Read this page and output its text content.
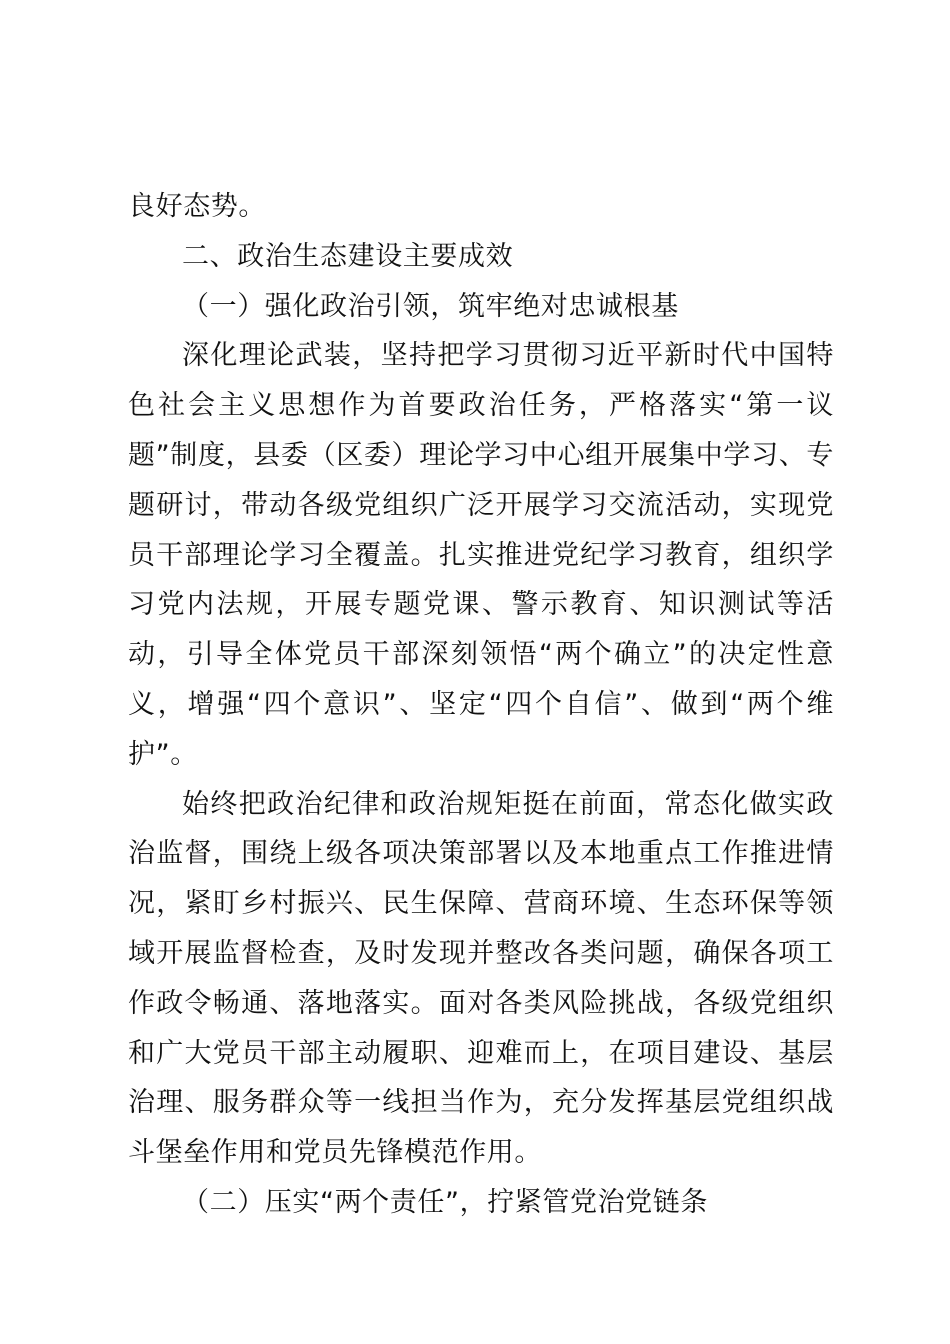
良好态势。

二、政治生态建设主要成效

（一）强化政治引领，筑牢绝对忠诚根基

深化理论武装，坚持把学习贯彻习近平新时代中国特色社会主义思想作为首要政治任务，严格落实“第一议题”制度，县委（区委）理论学习中心组开展集中学习、专题研讨，带动各级党组织广泛开展学习交流活动，实现党员干部理论学习全覆盖。扎实推进党纪学习教育，组织学习党内法规，开展专题党课、警示教育、知识测试等活动，引导全体党员干部深刻领悟“两个确立”的决定性意义，增强“四个意识”、坚定“四个自信”、做到“两个维护”。

始终把政治纪律和政治规矩挺在前面，常态化做实政治监督，围绕上级各项决策部署以及本地重点工作推进情况，紧盯乡村振兴、民生保障、营商环境、生态环保等领域开展监督检查，及时发现并整改各类问题，确保各项工作政令畅通、落地落实。面对各类风险挑战，各级党组织和广大党员干部主动履职、迎难而上，在项目建设、基层治理、服务群众等一线担当作为，充分发挥基层党组织战斗堡垒作用和党员先锋模范作用。

（二）压实“两个责任”，拧紧管党治党链条
